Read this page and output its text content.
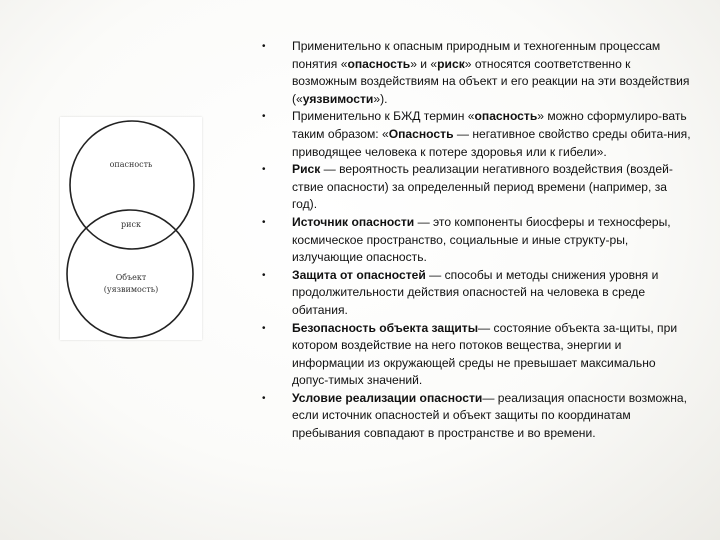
опасность
риск
Объект
(уязвимость)
• Применительно к опасным природным и техногенным процессам понятия «опасность» и «риск» относятся соответственно к возможным воздействиям на объект и его реакции на эти воздействия («уязвимости»).
• Применительно к БЖД термин «опасность» можно сформулиро-вать таким образом: «Опасность — негативное свойство среды обита-ния, приводящее человека к потере здоровья или к гибели».
• Риск — вероятность реализации негативного воздействия (воздей-ствие опасности) за определенный период времени (например, за год).
• Источник опасности — это компоненты биосферы и техносферы, космическое пространство, социальные и иные структу-ры, излучающие опасность.
• Защита от опасностей — способы и методы снижения уровня и продолжительности действия опасностей на человека в среде обитания.
• Безопасность объекта защиты— состояние объекта за-щиты, при котором воздействие на него потоков вещества, энергии и информации из окружающей среды не превышает максимально допус-тимых значений.
• Условие реализации опасности— реализация опасности возможна, если источник опасностей и объект защиты по координатам пребывания совпадают в пространстве и во времени.
